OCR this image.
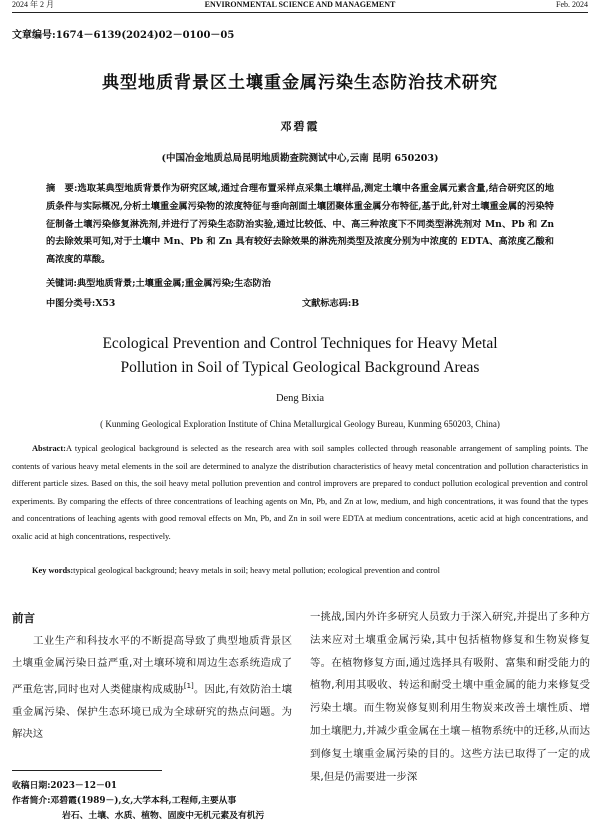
2024 年 2 月	ENVIRONMENTAL SCIENCE AND MANAGEMENT	Feb. 2024
文章编号:1674－6139(2024)02－0100－05
典型地质背景区土壤重金属污染生态防治技术研究
邓碧霞
(中国冶金地质总局昆明地质勘查院测试中心,云南 昆明 650203)
摘　要:选取某典型地质背景作为研究区域,通过合理布置采样点采集土壤样品,测定土壤中各重金属元素含量,结合研究区的地质条件与实际概况,分析土壤重金属污染物的浓度特征与垂向剖面土壤团聚体重金属分布特征,基于此,针对土壤重金属的污染特征制备土壤污染修复淋洗剂,并进行了污染生态防治实验,通过比较低、中、高三种浓度下不同类型淋洗剂对 Mn、Pb 和 Zn 的去除效果可知,对于土壤中 Mn、Pb 和 Zn 具有较好去除效果的淋洗剂类型及浓度分别为中浓度的 EDTA、高浓度乙酸和高浓度的草酸。
关键词:典型地质背景;土壤重金属;重金属污染;生态防治
中图分类号:X53	文献标志码:B
Ecological Prevention and Control Techniques for Heavy Metal
Pollution in Soil of Typical Geological Background Areas
Deng Bixia
( Kunming Geological Exploration Institute of China Metallurgical Geology Bureau, Kunming 650203, China)
Abstract:A typical geological background is selected as the research area with soil samples collected through reasonable arrangement of sampling points. The contents of various heavy metal elements in the soil are determined to analyze the distribution characteristics of heavy metal concentration and pollution characteristics in different particle sizes. Based on this, the soil heavy metal pollution prevention and control improvers are prepared to conduct pollution ecological prevention and control experiments. By comparing the effects of three concentrations of leaching agents on Mn, Pb, and Zn at low, medium, and high concentrations, it was found that the types and concentrations of leaching agents with good removal effects on Mn, Pb, and Zn in soil were EDTA at medium concentrations, acetic acid at high concentrations, and oxalic acid at high concentrations, respectively.
Key words:typical geological background; heavy metals in soil; heavy metal pollution; ecological prevention and control
前言
工业生产和科技水平的不断提高导致了典型地质背景区土壤重金属污染日益严重,对土壤环境和周边生态系统造成了严重危害,同时也对人类健康构成威胁[1]。因此,有效防治土壤重金属污染、保护生态环境已成为全球研究的热点问题。为解决这
一挑战,国内外许多研究人员致力于深入研究,并提出了多种方法来应对土壤重金属污染,其中包括植物修复和生物炭修复等。在植物修复方面,通过选择具有吸附、富集和耐受能力的植物,利用其吸收、转运和耐受土壤中重金属的能力来修复受污染土壤。而生物炭修复则利用生物炭来改善土壤性质、增加土壤肥力,并减少重金属在土壤－植物系统中的迁移,从而达到修复土壤重金属污染的目的。这些方法已取得了一定的成果,但是仍需要进一步深
收稿日期:2023－12－01
作者简介:邓碧霞(1989－),女,大学本科,工程师,主要从事
岩石、土壤、水质、植物、固废中无机元素及有机污
